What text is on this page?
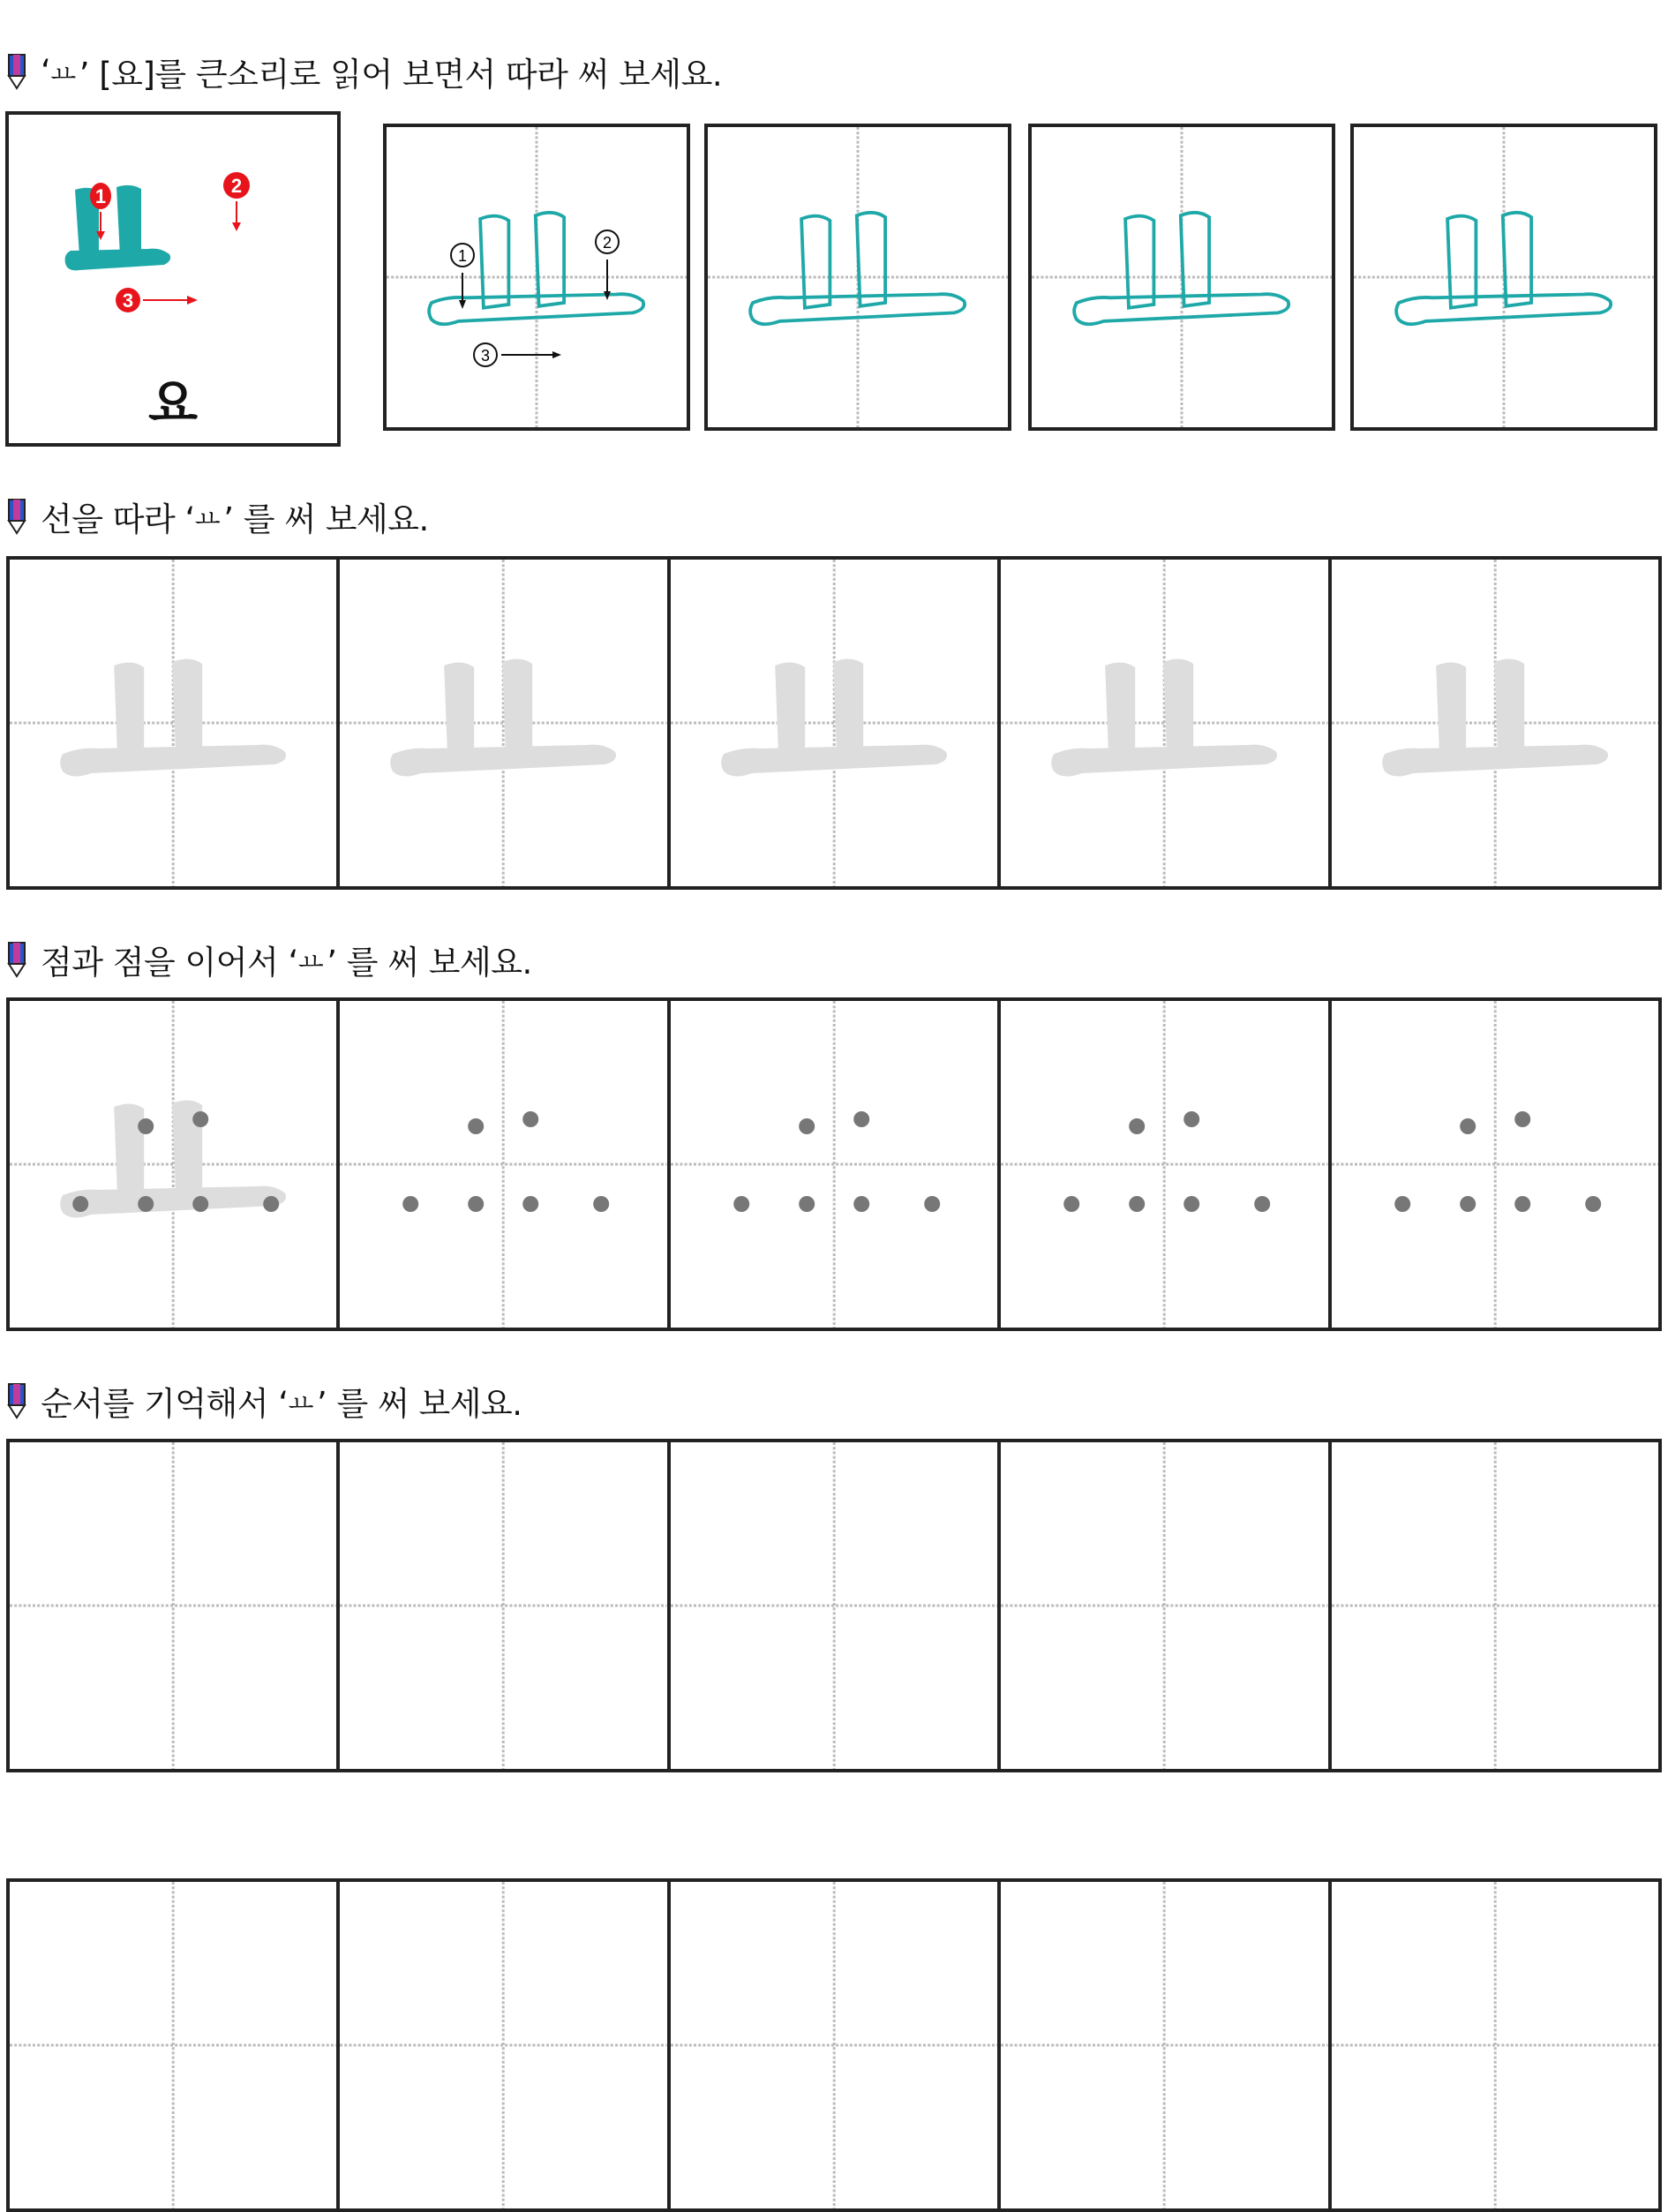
‘ ㅛ ’ [요]를 큰소리로 읽어 보면서 따라 써 보세요.
1	2
3
요
1
2
3
선을 따라 ‘ ㅛ ’ 를 써 보세요.
점과 점을 이어서 ‘ ㅛ ’ 를 써 보세요.
순서를 기억해서 ‘ ㅛ ’ 를 써 보세요.
